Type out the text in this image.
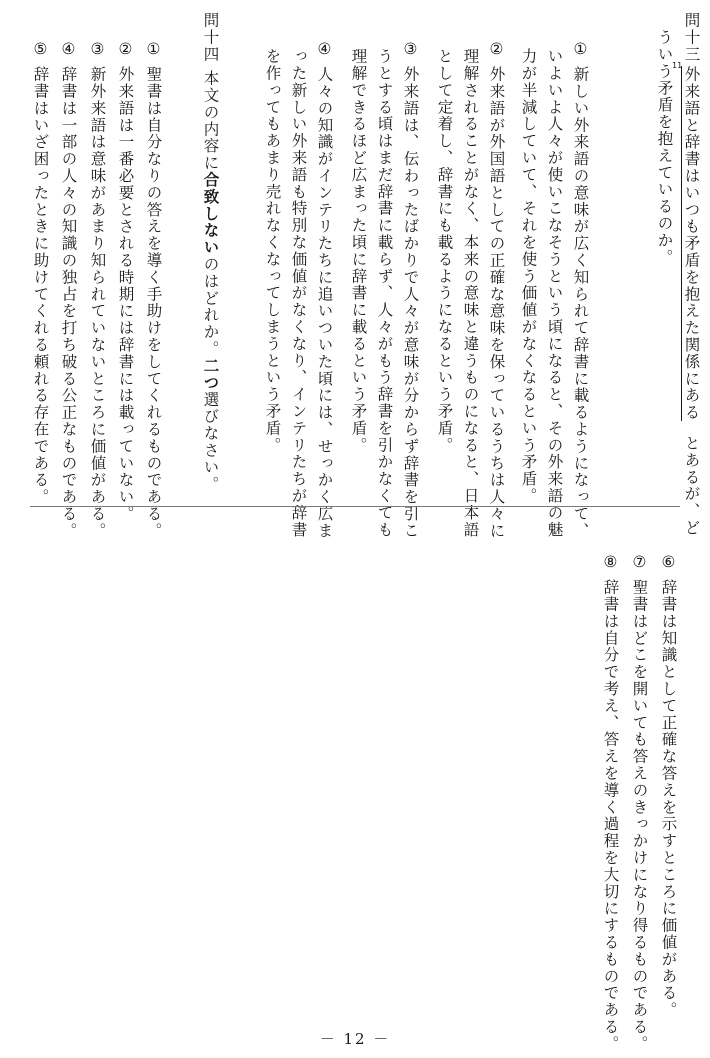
問十三
11
外来語と辞書はいつも矛盾を抱えた関係にあるとあるが、ど
ういう矛盾を抱えているのか。
①
新しい外来語の意味が広く知られて辞書に載るようになって、
いよいよ人々が使いこなそうという頃になると、その外来語の魅
力が半減していて、それを使う価値がなくなるという矛盾。
②
外来語が外国語としての正確な意味を保っているうちは人々に
理解されることがなく、本来の意味と違うものになると、日本語
として定着し、辞書にも載るようになるという矛盾。
③
外来語は、伝わったばかりで人々が意味が分からず辞書を引こ
うとする頃はまだ辞書に載らず、人々がもう辞書を引かなくても
理解できるほど広まった頃に辞書に載るという矛盾。
④
人々の知識がインテリたちに追いついた頃には、せっかく広ま
った新しい外来語も特別な価値がなくなり、インテリたちが辞書
を作ってもあまり売れなくなってしまうという矛盾。
問十四
本文の内容に合致しないのはどれか。二つ選びなさい。
①
聖書は自分なりの答えを導く手助けをしてくれるものである。
②
外来語は一番必要とされる時期には辞書には載っていない。
③
新外来語は意味があまり知られていないところに価値がある。
④
辞書は一部の人々の知識の独占を打ち破る公正なものである。
⑤
辞書はいざ困ったときに助けてくれる頼れる存在である。
⑥
辞書は知識として正確な答えを示すところに価値がある。
⑦
聖書はどこを開いても答えのきっかけになり得るものである。
⑧
辞書は自分で考え、答えを導く過程を大切にするものである。
－ 12 －
